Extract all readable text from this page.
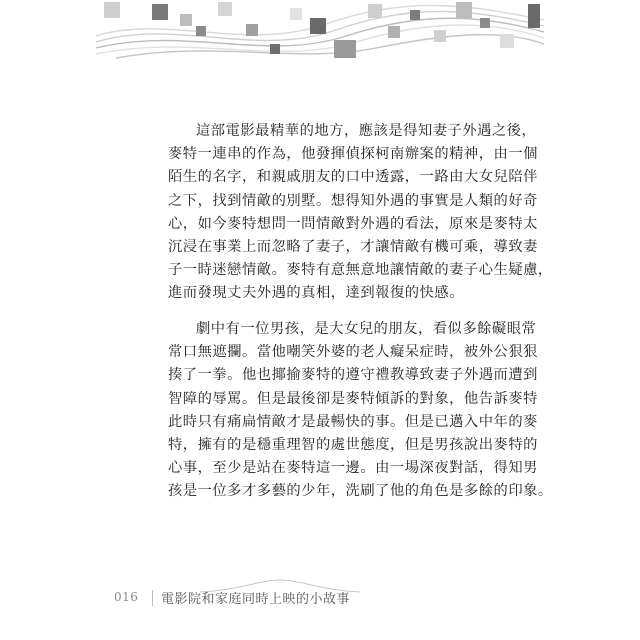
這部電影最精華的地方，應該是得知妻子外遇之後，
麥特一連串的作為，他發揮偵探柯南辦案的精神，由一個
陌生的名字，和親戚朋友的口中透露，一路由大女兒陪伴
之下，找到情敵的別墅。想得知外遇的事實是人類的好奇
心，如今麥特想問一問情敵對外遇的看法，原來是麥特太
沉浸在事業上而忽略了妻子，才讓情敵有機可乘，導致妻
子一時迷戀情敵。麥特有意無意地讓情敵的妻子心生疑慮，
進而發現丈夫外遇的真相，達到報復的快感。

劇中有一位男孩，是大女兒的朋友，看似多餘礙眼常
常口無遮攔。當他嘲笑外婆的老人癡呆症時，被外公狠狠
揍了一拳。他也揶揄麥特的遵守禮教導致妻子外遇而遭到
智障的辱罵。但是最後卻是麥特傾訴的對象，他告訴麥特
此時只有痛扁情敵才是最暢快的事。但是已邁入中年的麥
特，擁有的是穩重理智的處世態度，但是男孩說出麥特的
心事，至少是站在麥特這一邊。由一場深夜對話，得知男
孩是一位多才多藝的少年，洗刷了他的角色是多餘的印象。

016 電影院和家庭同時上映的小故事
